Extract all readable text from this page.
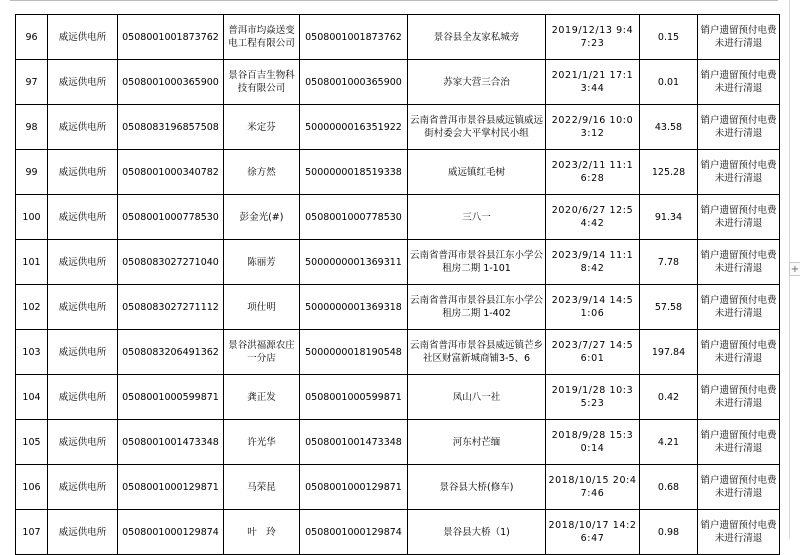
+
96	威远供电所	0508001001873762	普洱市均焱送变电工程有限公司	0508001001873762	景谷县全友家私城旁	2019/12/13 9:47:23	0.15	销户遗留预付电费未进行清退
97	威远供电所	0508001000365900	景谷百吉生物科技有限公司	0508001000365900	苏家大营三合治	2021/1/21 17:13:44	0.01	销户遗留预付电费未进行清退
98	威远供电所	0508083196857508	米定芬	5000000016351922	云南省普洱市景谷县威远镇威远街村委会大平掌村民小组	2022/9/16 10:03:12	43.58	销户遗留预付电费未进行清退
99	威远供电所	0508001000340782	徐方然	5000000018519338	威远镇红毛树	2023/2/11 11:16:28	125.28	销户遗留预付电费未进行清退
100	威远供电所	0508001000778530	彭金光(#)	0508001000778530	三八一	2020/6/27 12:54:42	91.34	销户遗留预付电费未进行清退
101	威远供电所	0508083027271040	陈丽芳	5000000001369311	云南省普洱市景谷县江东小学公租房二期 1-101	2023/9/14 11:18:42	7.78	销户遗留预付电费未进行清退
102	威远供电所	0508083027271112	项仕明	5000000001369318	云南省普洱市景谷县江东小学公租房二期 1-402	2023/9/14 14:51:06	57.58	销户遗留预付电费未进行清退
103	威远供电所	0508083206491362	景谷洪福源农庄一分店	5000000018190548	云南省普洱市景谷县威远镇芒乡社区财富新城商铺3-5、6	2023/7/27 14:56:01	197.84	销户遗留预付电费未进行清退
104	威远供电所	0508001000599871	龚正发	0508001000599871	凤山八一社	2019/1/28 10:35:23	0.42	销户遗留预付电费未进行清退
105	威远供电所	0508001001473348	许光华	0508001001473348	河东村芒缅	2018/9/28 15:30:14	4.21	销户遗留预付电费未进行清退
106	威远供电所	0508001000129871	马荣昆	0508001000129871	景谷县大桥(修车)	2018/10/15 20:47:46	0.68	销户遗留预付电费未进行清退
107	威远供电所	0508001000129874	叶　玲	0508001000129874	景谷县大桥（1)	2018/10/17 14:26:47	0.98	销户遗留预付电费未进行清退
